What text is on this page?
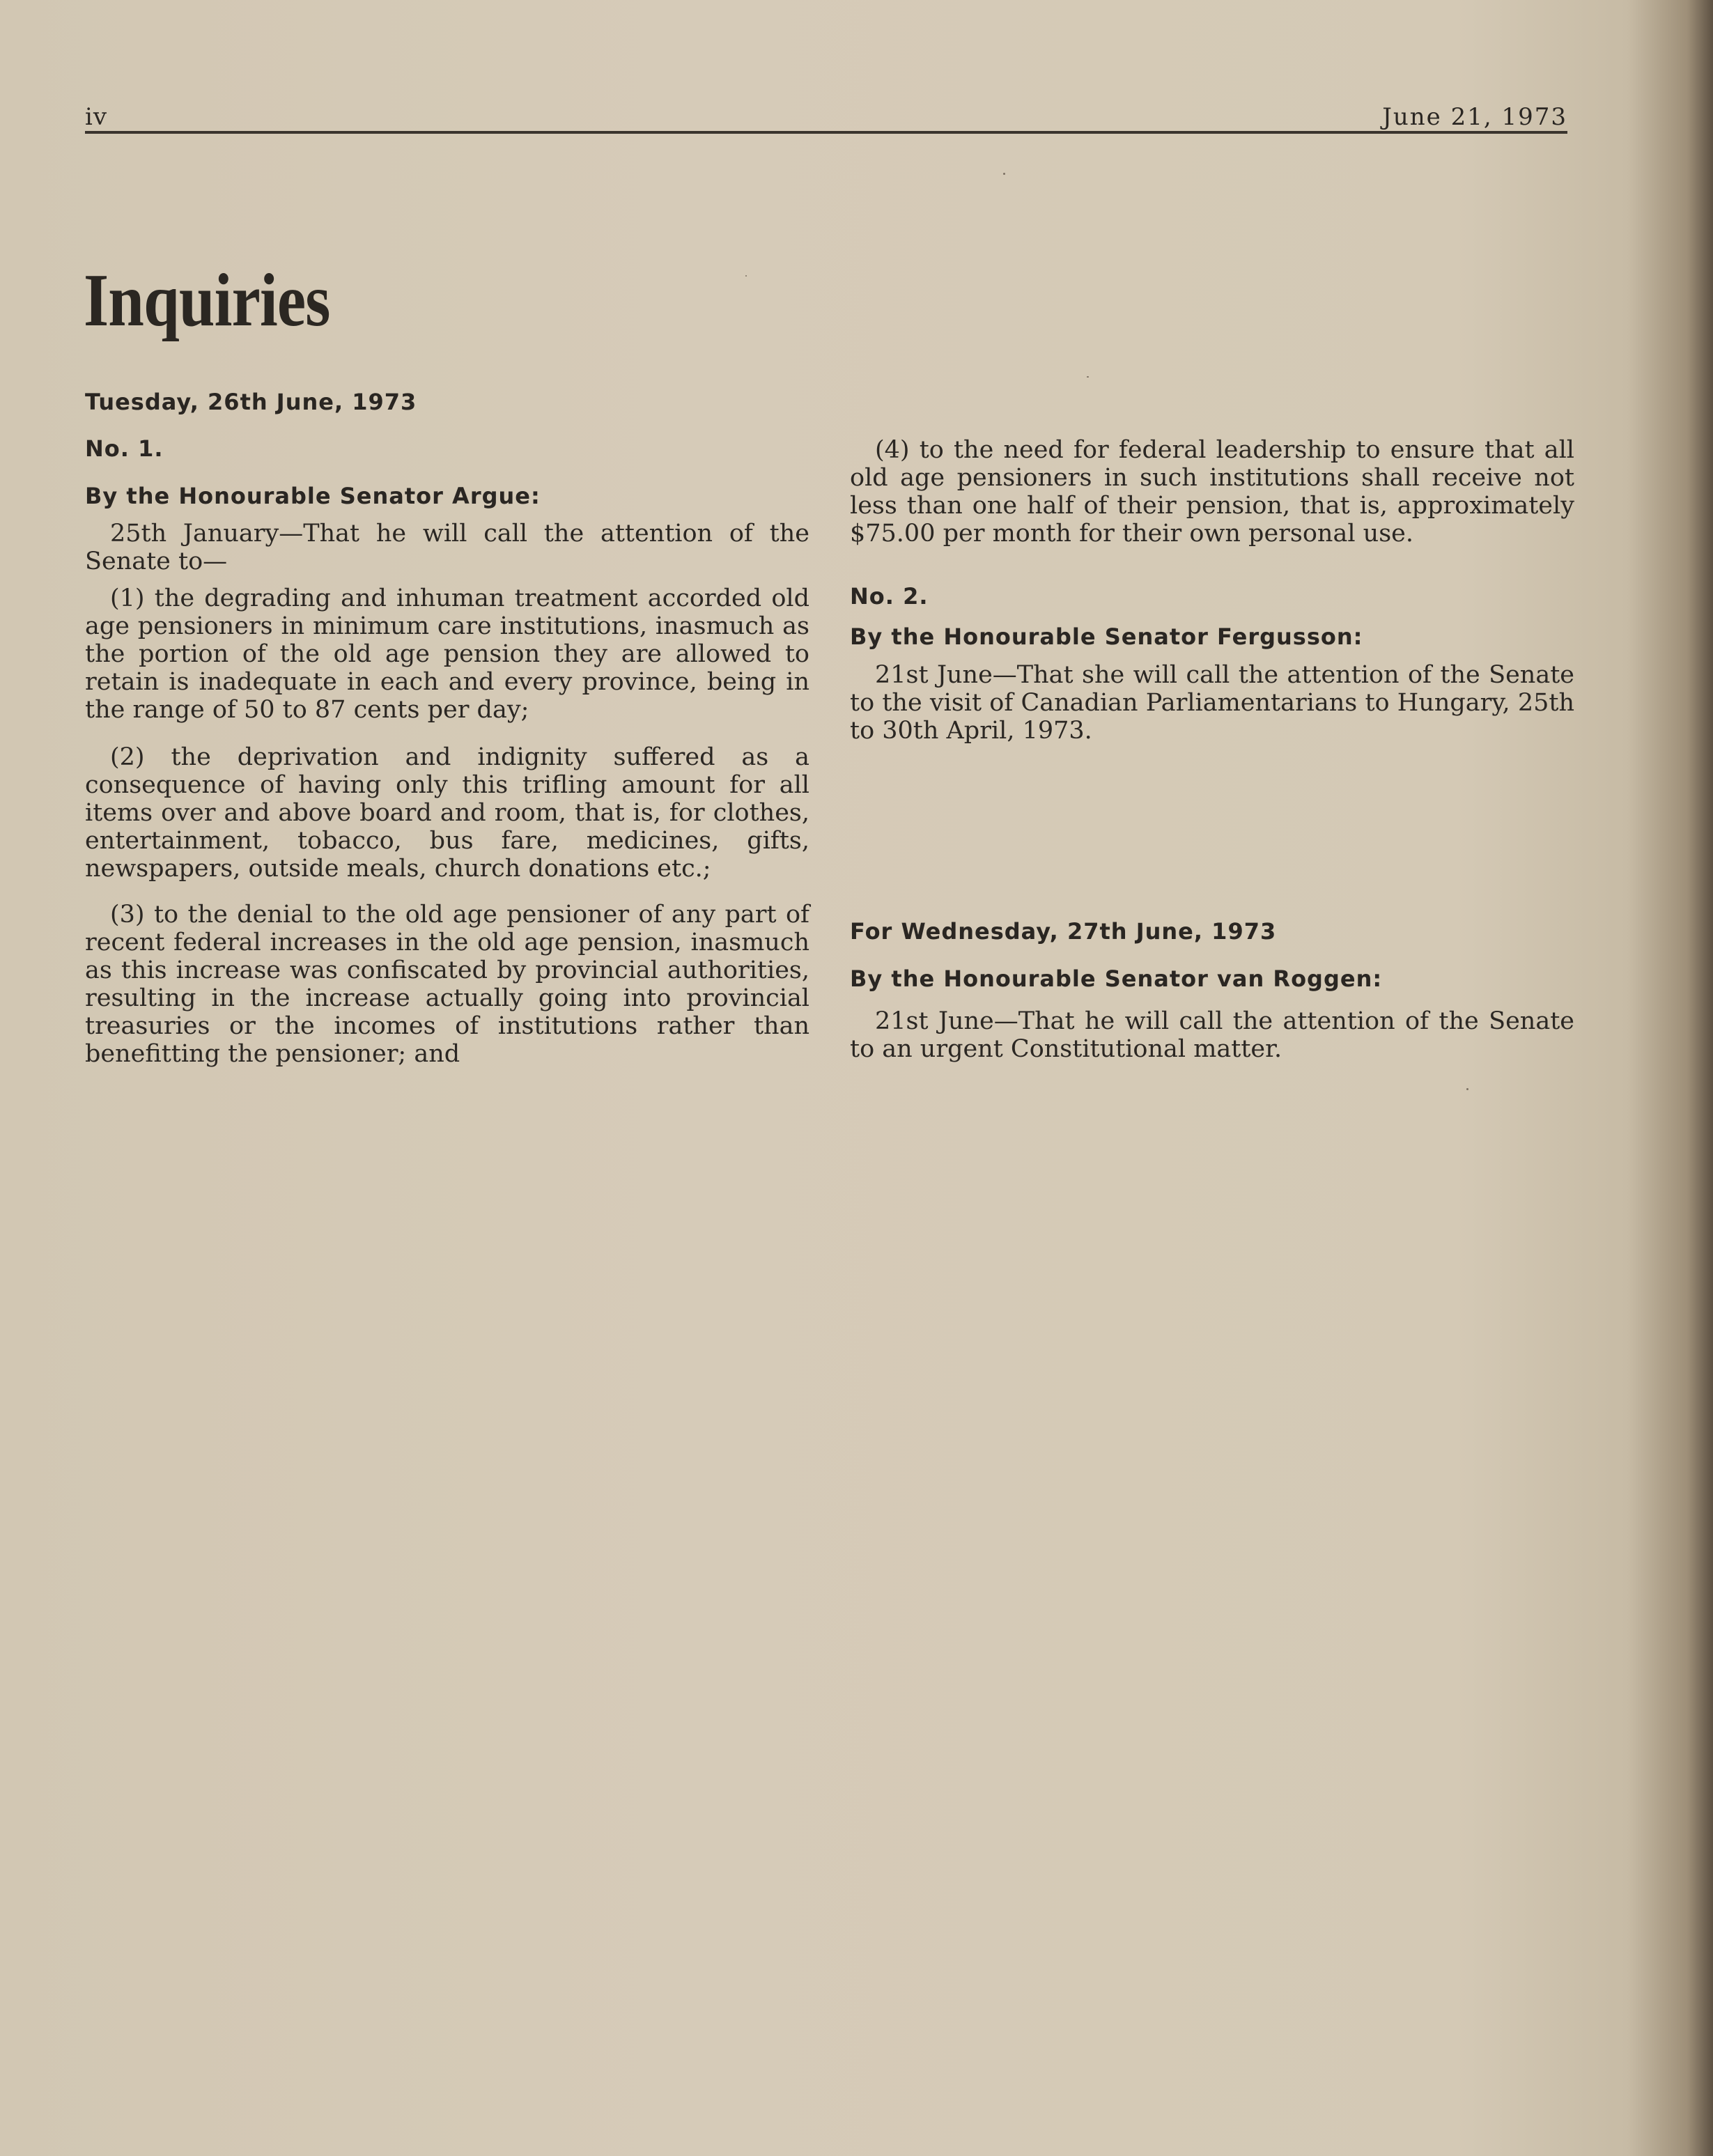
iv	June 21, 1973
Inquiries
Tuesday, 26th June, 1973
No. 1.
By the Honourable Senator Argue:
25th January—That he will call the attention of the Senate to—
(1) the degrading and inhuman treatment accorded old age pensioners in minimum care institutions, inasmuch as the portion of the old age pension they are allowed to retain is inadequate in each and every province, being in the range of 50 to 87 cents per day;
(2) the deprivation and indignity suffered as a consequence of having only this trifling amount for all items over and above board and room, that is, for clothes, entertainment, tobacco, bus fare, medicines, gifts, newspapers, outside meals, church donations etc.;
(3) to the denial to the old age pensioner of any part of recent federal increases in the old age pension, inasmuch as this increase was confiscated by provincial authorities, resulting in the increase actually going into provincial treasuries or the incomes of institutions rather than benefitting the pensioner; and
(4) to the need for federal leadership to ensure that all old age pensioners in such institutions shall receive not less than one half of their pension, that is, approximately $75.00 per month for their own personal use.
No. 2.
By the Honourable Senator Fergusson:
21st June—That she will call the attention of the Senate to the visit of Canadian Parliamentarians to Hungary, 25th to 30th April, 1973.
For Wednesday, 27th June, 1973
By the Honourable Senator van Roggen:
21st June—That he will call the attention of the Senate to an urgent Constitutional matter.
